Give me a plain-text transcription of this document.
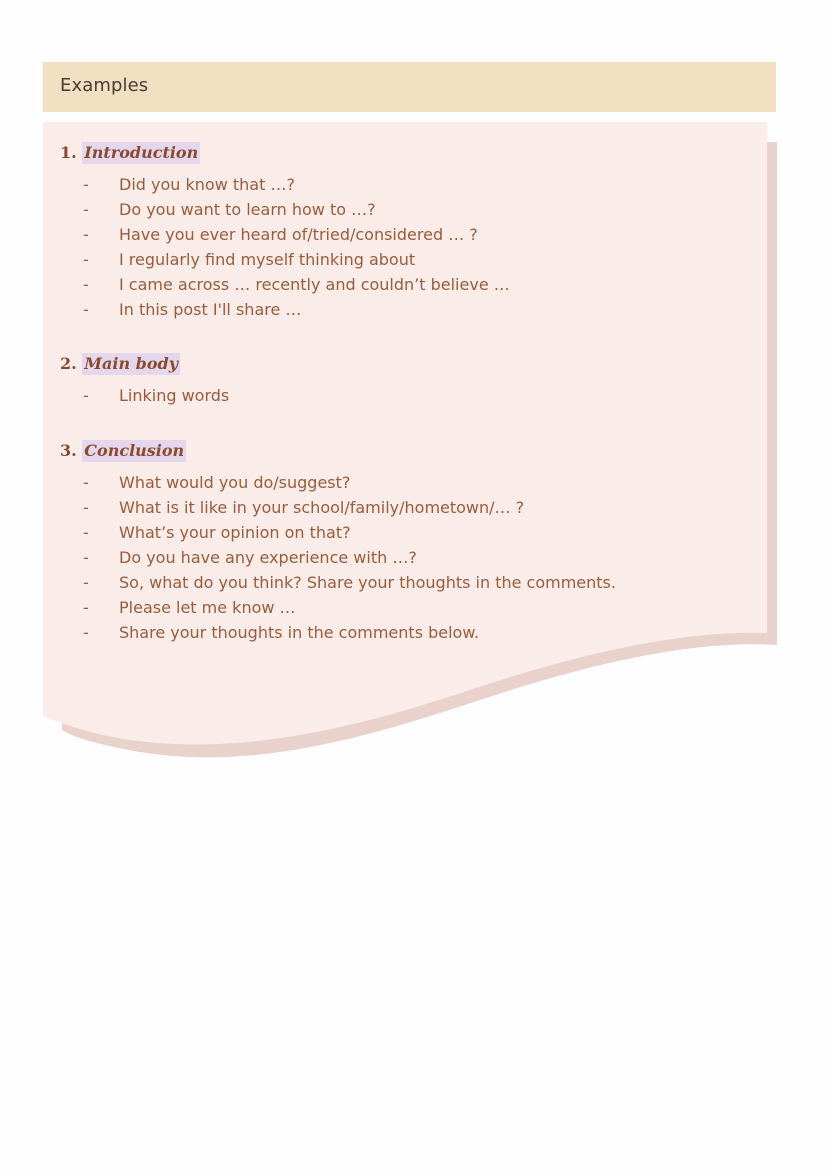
Examples
1. Introduction
- Did you know that …?
- Do you want to learn how to …?
- Have you ever heard of/tried/considered … ?
- I regularly find myself thinking about
- I came across … recently and couldn’t believe …
- In this post I'll share …
2. Main body
- Linking words
3. Conclusion
- What would you do/suggest?
- What is it like in your school/family/hometown/… ?
- What’s your opinion on that?
- Do you have any experience with …?
- So, what do you think? Share your thoughts in the comments.
- Please let me know …
- Share your thoughts in the comments below.
